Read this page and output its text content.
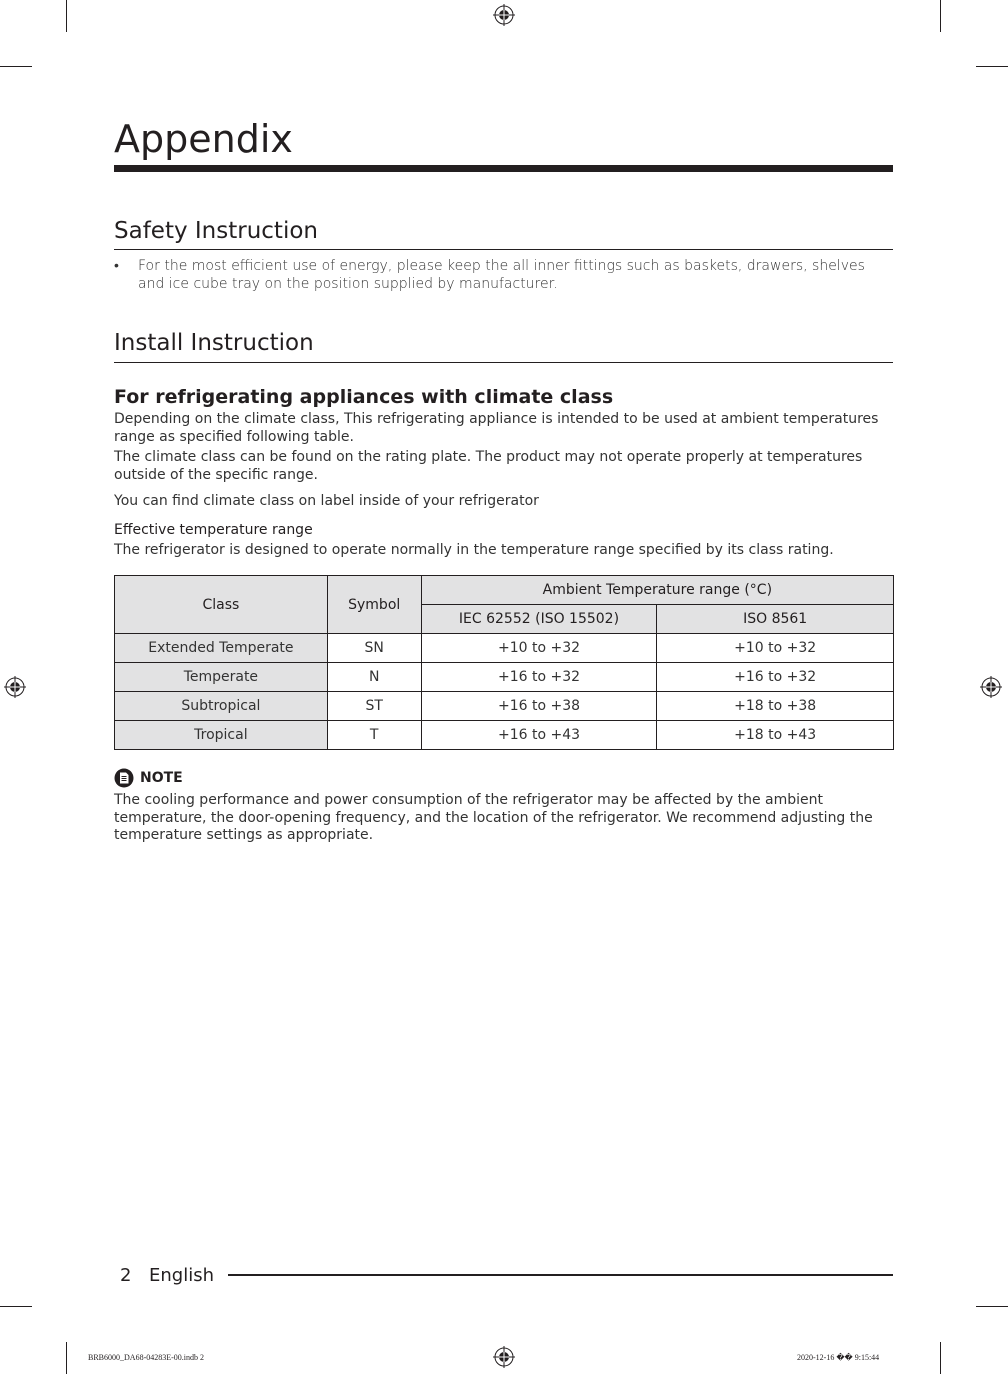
Appendix
Safety Instruction
• For the most efficient use of energy, please keep the all inner fittings such as baskets, drawers, shelves and ice cube tray on the position supplied by manufacturer.
Install Instruction
For refrigerating appliances with climate class
Depending on the climate class, This refrigerating appliance is intended to be used at ambient temperatures range as specified following table.
The climate class can be found on the rating plate. The product may not operate properly at temperatures outside of the specific range.
You can find climate class on label inside of your refrigerator
Effective temperature range
The refrigerator is designed to operate normally in the temperature range specified by its class rating.
Class	Symbol	Ambient Temperature range (°C)	
		IEC 62552 (ISO 15502)	ISO 8561
Extended Temperate	SN	+10 to +32	+10 to +32
Temperate	N	+16 to +32	+16 to +32
Subtropical	ST	+16 to +38	+18 to +38
Tropical	T	+16 to +43	+18 to +43
NOTE
The cooling performance and power consumption of the refrigerator may be affected by the ambient temperature, the door-opening frequency, and the location of the refrigerator. We recommend adjusting the temperature settings as appropriate.
2 English
BRB6000_DA68-04283E-00.indb 2	2020-12-16 �� 9:15:44
